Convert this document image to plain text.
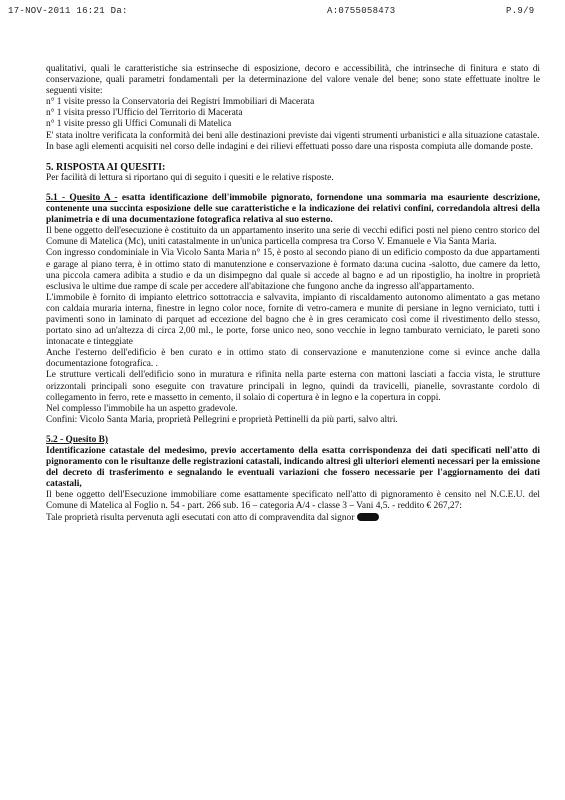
17-NOV-2011 16:21 Da:	A:0755058473	P.9/9

qualitativi, quali le caratteristiche sia estrinseche di esposizione, decoro e accessibilità, che intrinseche di finitura e stato di conservazione, quali parametri fondamentali per la determinazione del valore venale del bene; sono state effettuate inoltre le seguenti visite:

n° 1 visite presso la Conservatoria dei Registri Immobiliari di Macerata

n° 1 visita presso l'Ufficio del Territorio di Macerata

n° 1 visite presso gli Uffici Comunali di Matelica

E' stata inoltre verificata la conformità dei beni alle destinazioni previste dai vigenti strumenti urbanistici e alla situazione catastale.

In base agli elementi acquisiti nel corso delle indagini e dei rilievi effettuati posso dare una risposta compiuta alle domande poste.

5. RISPOSTA AI QUESITI:

Per facilità di lettura si riportano qui di seguito i quesiti e le relative risposte.

5.1 - Quesito A - esatta identificazione dell'immobile pignorato, fornendone una sommaria ma esauriente descrizione, contenente una succinta esposizione delle sue caratteristiche e la indicazione dei relativi confini, corredandola altresi della planimetria e di una documentazione fotografica relativa al suo esterno.

Il bene oggetto dell'esecuzione è costituito da un appartamento inserito una serie di vecchi edifici posti nel pieno centro storico del Comune di Matelica (Mc), uniti catastalmente in un'unica particella compresa tra Corso V. Emanuele e Via Santa Maria.

Con ingresso condominiale in Via Vicolo Santa Maria n° 15, è posto al secondo piano di un edificio composto da due appartamenti e garage al piano terra, è in ottimo stato di manutenzione e conservazione è formato da:una cucina -salotto, due camere da letto, una piccola camera adibita a studio e da un disimpegno dal quale si accede al bagno e ad un ripostiglio, ha inoltre in proprietà esclusiva le ultime due rampe di scale per accedere all'abitazione che fungono anche da ingresso all'appartamento.

L'immobile è fornito di impianto elettrico sottotraccia e salvavita, impianto di riscaldamento autonomo alimentato a gas metano con caldaia muraria interna, finestre in legno color noce, fornite di vetro-camera e munite di persiane in legno verniciato, tutti i pavimenti sono in laminato di parquet ad eccezione del bagno che è in gres ceramicato così come il rivestimento dello stesso, portato sino ad un'altezza di circa 2,00 ml., le porte, forse unico neo, sono vecchie in legno tamburato verniciato, le pareti sono intonacate e tinteggiate

Anche l'esterno dell'edificio è ben curato e in ottimo stato di conservazione e manutenzione come si evince anche dalla documentazione fotografica. .

Le strutture verticali dell'edificio sono in muratura e rifinita nella parte esterna con mattoni lasciati a faccia vista, le strutture orizzontali principali sono eseguite con travature principali in legno, quindi da travicelli, pianelle, sovrastante cordolo di collegamento in ferro, rete e massetto in cemento, il solaio di copertura è in legno e la copertura in coppi.

Nel complesso l'immobile ha un aspetto gradevole.

Confini: Vicolo Santa Maria, proprietà Pellegrini e proprietà Pettinelli da più parti, salvo altri.

5.2 - Quesito B)

Identificazione catastale del medesimo, previo accertamento della esatta corrispondenza dei dati specificati nell'atto di pignoramento con le risultanze delle registrazioni catastali, indicando altresi gli ulteriori elementi necessari per la emissione del decreto di trasferimento e segnalando le eventuali variazioni che fossero necessarie per l'aggiornamento dei dati catastali,

Il bene oggetto dell'Esecuzione immobiliare come esattamente specificato nell'atto di pignoramento è censito nel N.C.E.U. del Comune di Matelica al Foglio n. 54 - part. 266 sub. 16 – categoria A/4 - classe 3 – Vani 4,5. - reddito € 267,27:

Tale proprietà risulta pervenuta agli esecutati con atto di compravendita dal signor
